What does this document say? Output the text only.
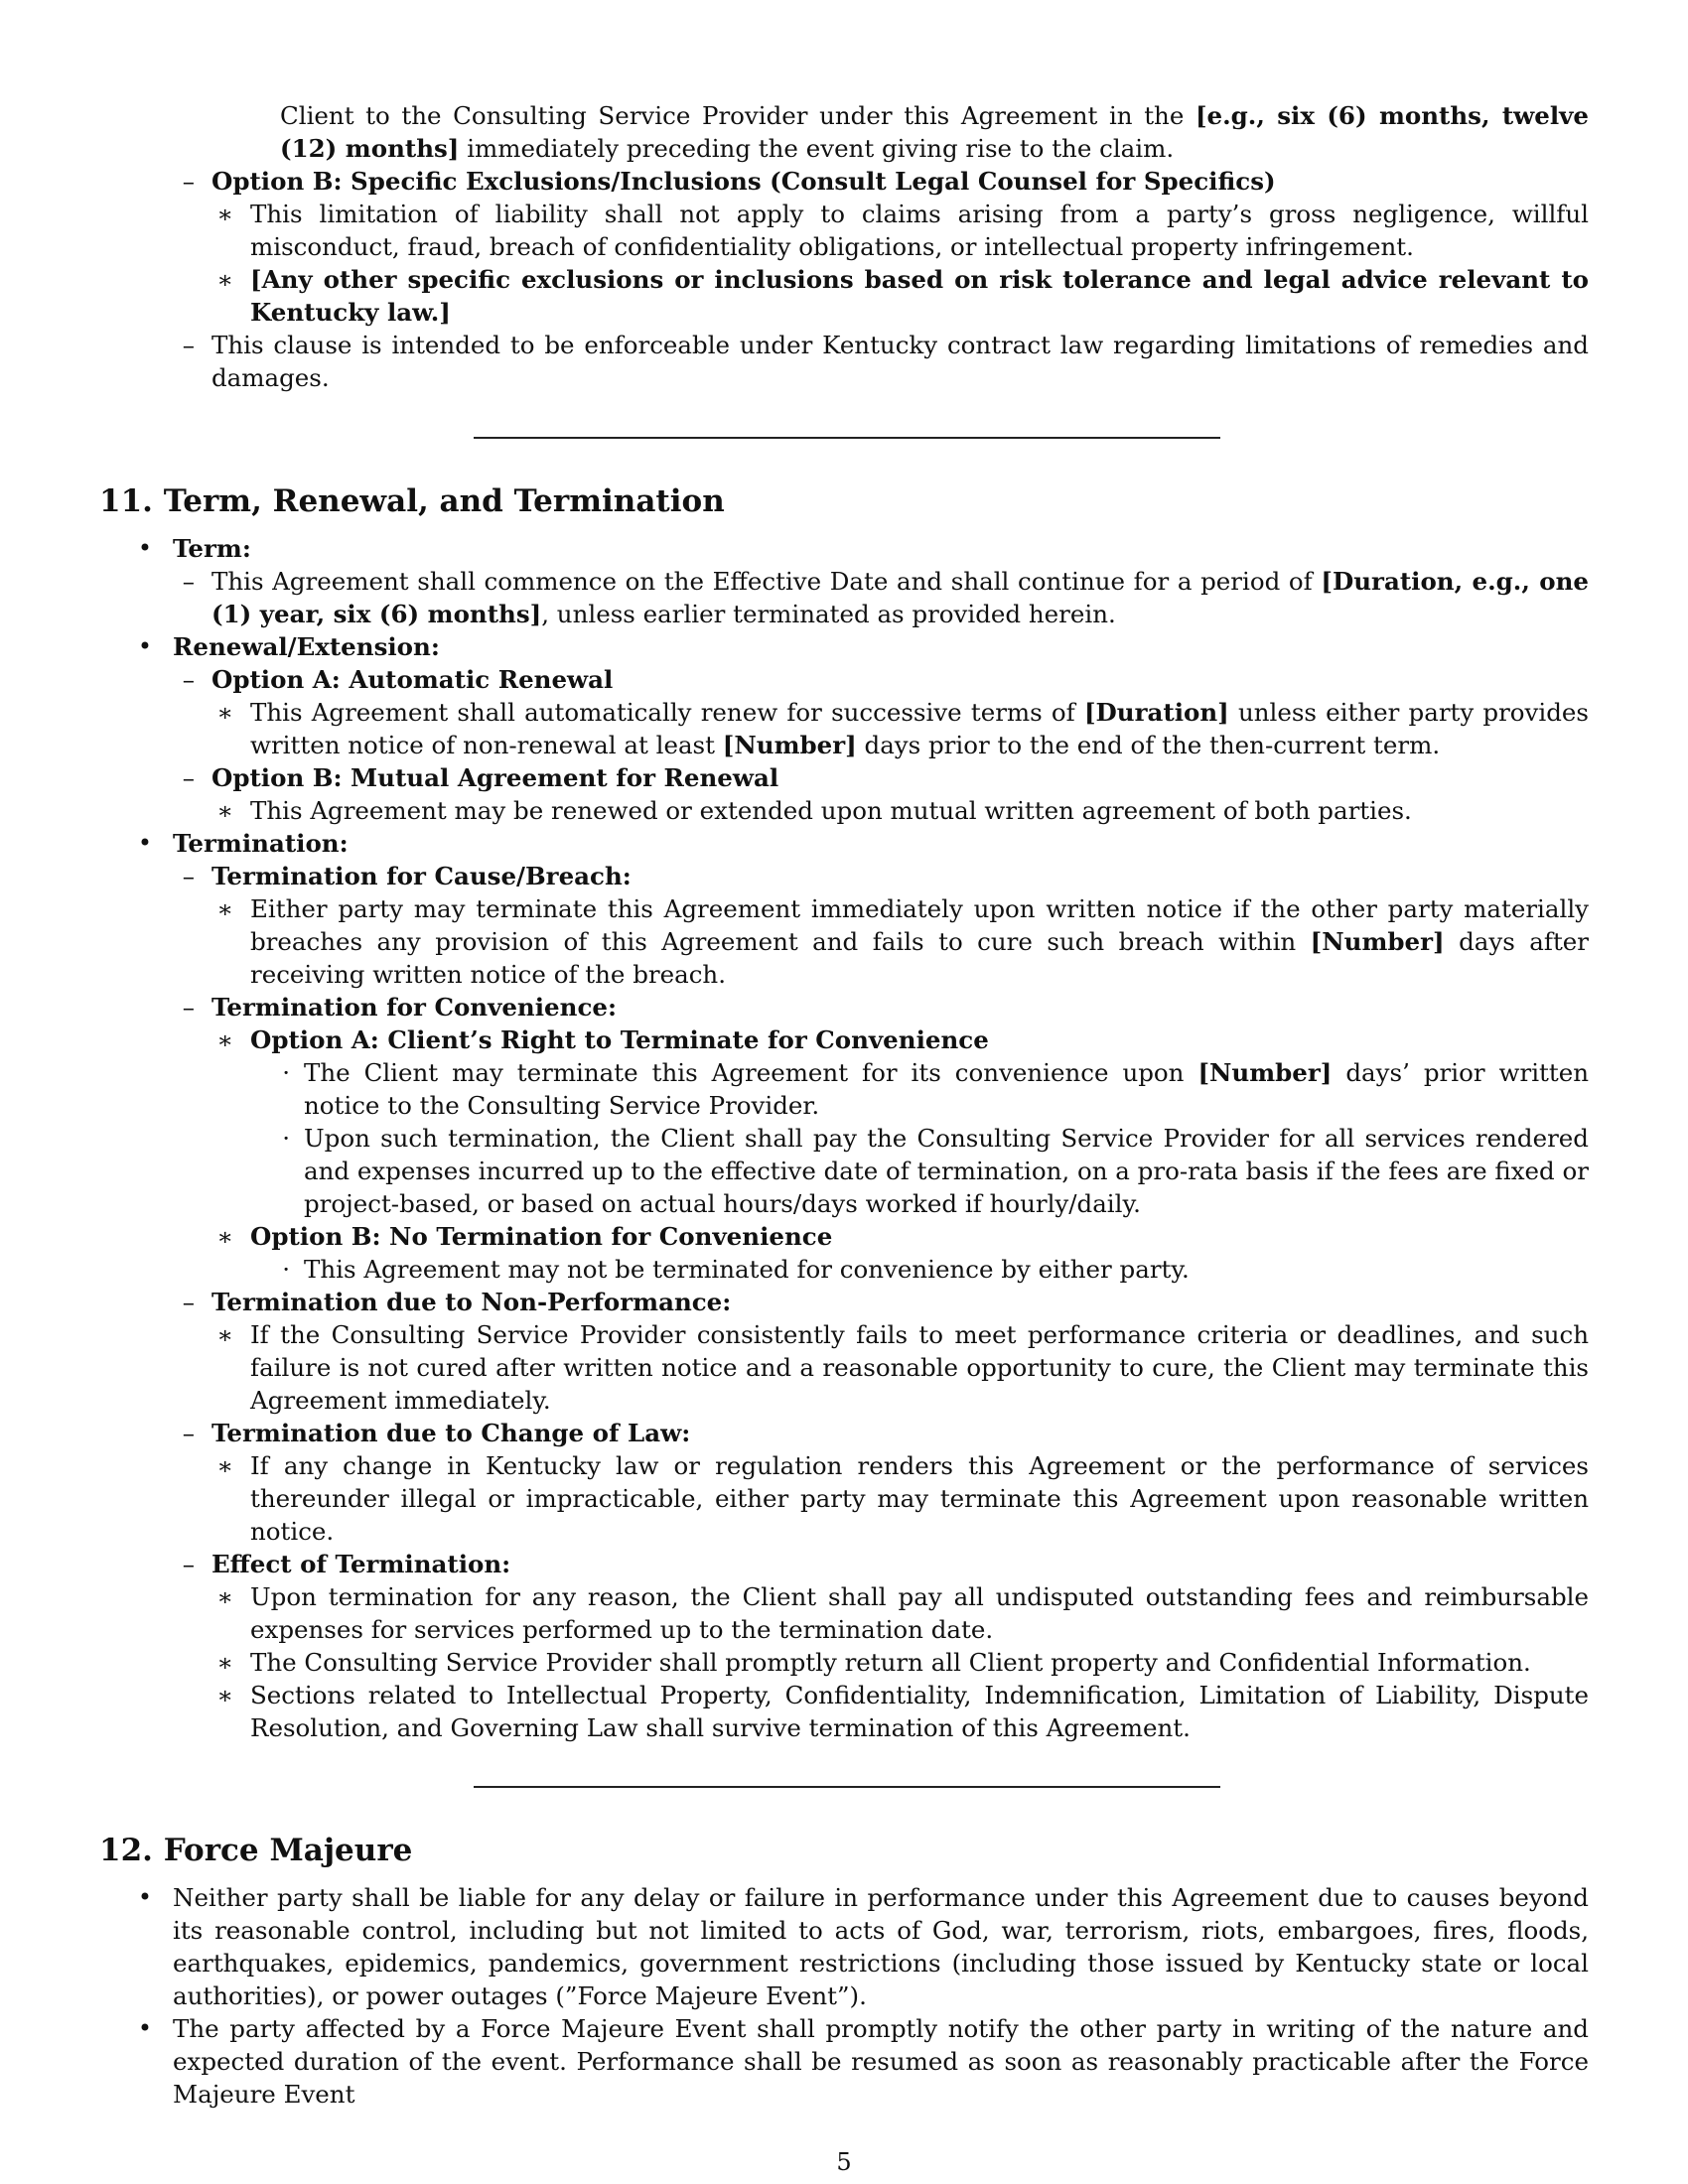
Client to the Consulting Service Provider under this Agreement in the [e.g., six (6) months, twelve (12) months] immediately preceding the event giving rise to the claim.

– Option B: Specific Exclusions/Inclusions (Consult Legal Counsel for Specifics)
∗ This limitation of liability shall not apply to claims arising from a party’s gross negligence, willful misconduct, fraud, breach of confidentiality obligations, or intellectual property infringement.
∗ [Any other specific exclusions or inclusions based on risk tolerance and legal advice relevant to Kentucky law.]
– This clause is intended to be enforceable under Kentucky contract law regarding limitations of remedies and damages.
11. Term, Renewal, and Termination
• Term:
– This Agreement shall commence on the Effective Date and shall continue for a period of [Duration, e.g., one (1) year, six (6) months], unless earlier terminated as provided herein.
• Renewal/Extension:
– Option A: Automatic Renewal
∗ This Agreement shall automatically renew for successive terms of [Duration] unless either party provides written notice of non-renewal at least [Number] days prior to the end of the then-current term.
– Option B: Mutual Agreement for Renewal
∗ This Agreement may be renewed or extended upon mutual written agreement of both parties.
• Termination:
– Termination for Cause/Breach:
∗ Either party may terminate this Agreement immediately upon written notice if the other party materially breaches any provision of this Agreement and fails to cure such breach within [Number] days after receiving written notice of the breach.
– Termination for Convenience:
∗ Option A: Client’s Right to Terminate for Convenience
· The Client may terminate this Agreement for its convenience upon [Number] days’ prior written notice to the Consulting Service Provider.
· Upon such termination, the Client shall pay the Consulting Service Provider for all services rendered and expenses incurred up to the effective date of termination, on a pro-rata basis if the fees are fixed or project-based, or based on actual hours/days worked if hourly/daily.
∗ Option B: No Termination for Convenience
· This Agreement may not be terminated for convenience by either party.
– Termination due to Non-Performance:
∗ If the Consulting Service Provider consistently fails to meet performance criteria or deadlines, and such failure is not cured after written notice and a reasonable opportunity to cure, the Client may terminate this Agreement immediately.
– Termination due to Change of Law:
∗ If any change in Kentucky law or regulation renders this Agreement or the performance of services thereunder illegal or impracticable, either party may terminate this Agreement upon reasonable written notice.
– Effect of Termination:
∗ Upon termination for any reason, the Client shall pay all undisputed outstanding fees and reimbursable expenses for services performed up to the termination date.
∗ The Consulting Service Provider shall promptly return all Client property and Confidential Information.
∗ Sections related to Intellectual Property, Confidentiality, Indemnification, Limitation of Liability, Dispute Resolution, and Governing Law shall survive termination of this Agreement.
12. Force Majeure
• Neither party shall be liable for any delay or failure in performance under this Agreement due to causes beyond its reasonable control, including but not limited to acts of God, war, terrorism, riots, embargoes, fires, floods, earthquakes, epidemics, pandemics, government restrictions (including those issued by Kentucky state or local authorities), or power outages (”Force Majeure Event”).
• The party affected by a Force Majeure Event shall promptly notify the other party in writing of the nature and expected duration of the event. Performance shall be resumed as soon as reasonably practicable after the Force Majeure Event
5
